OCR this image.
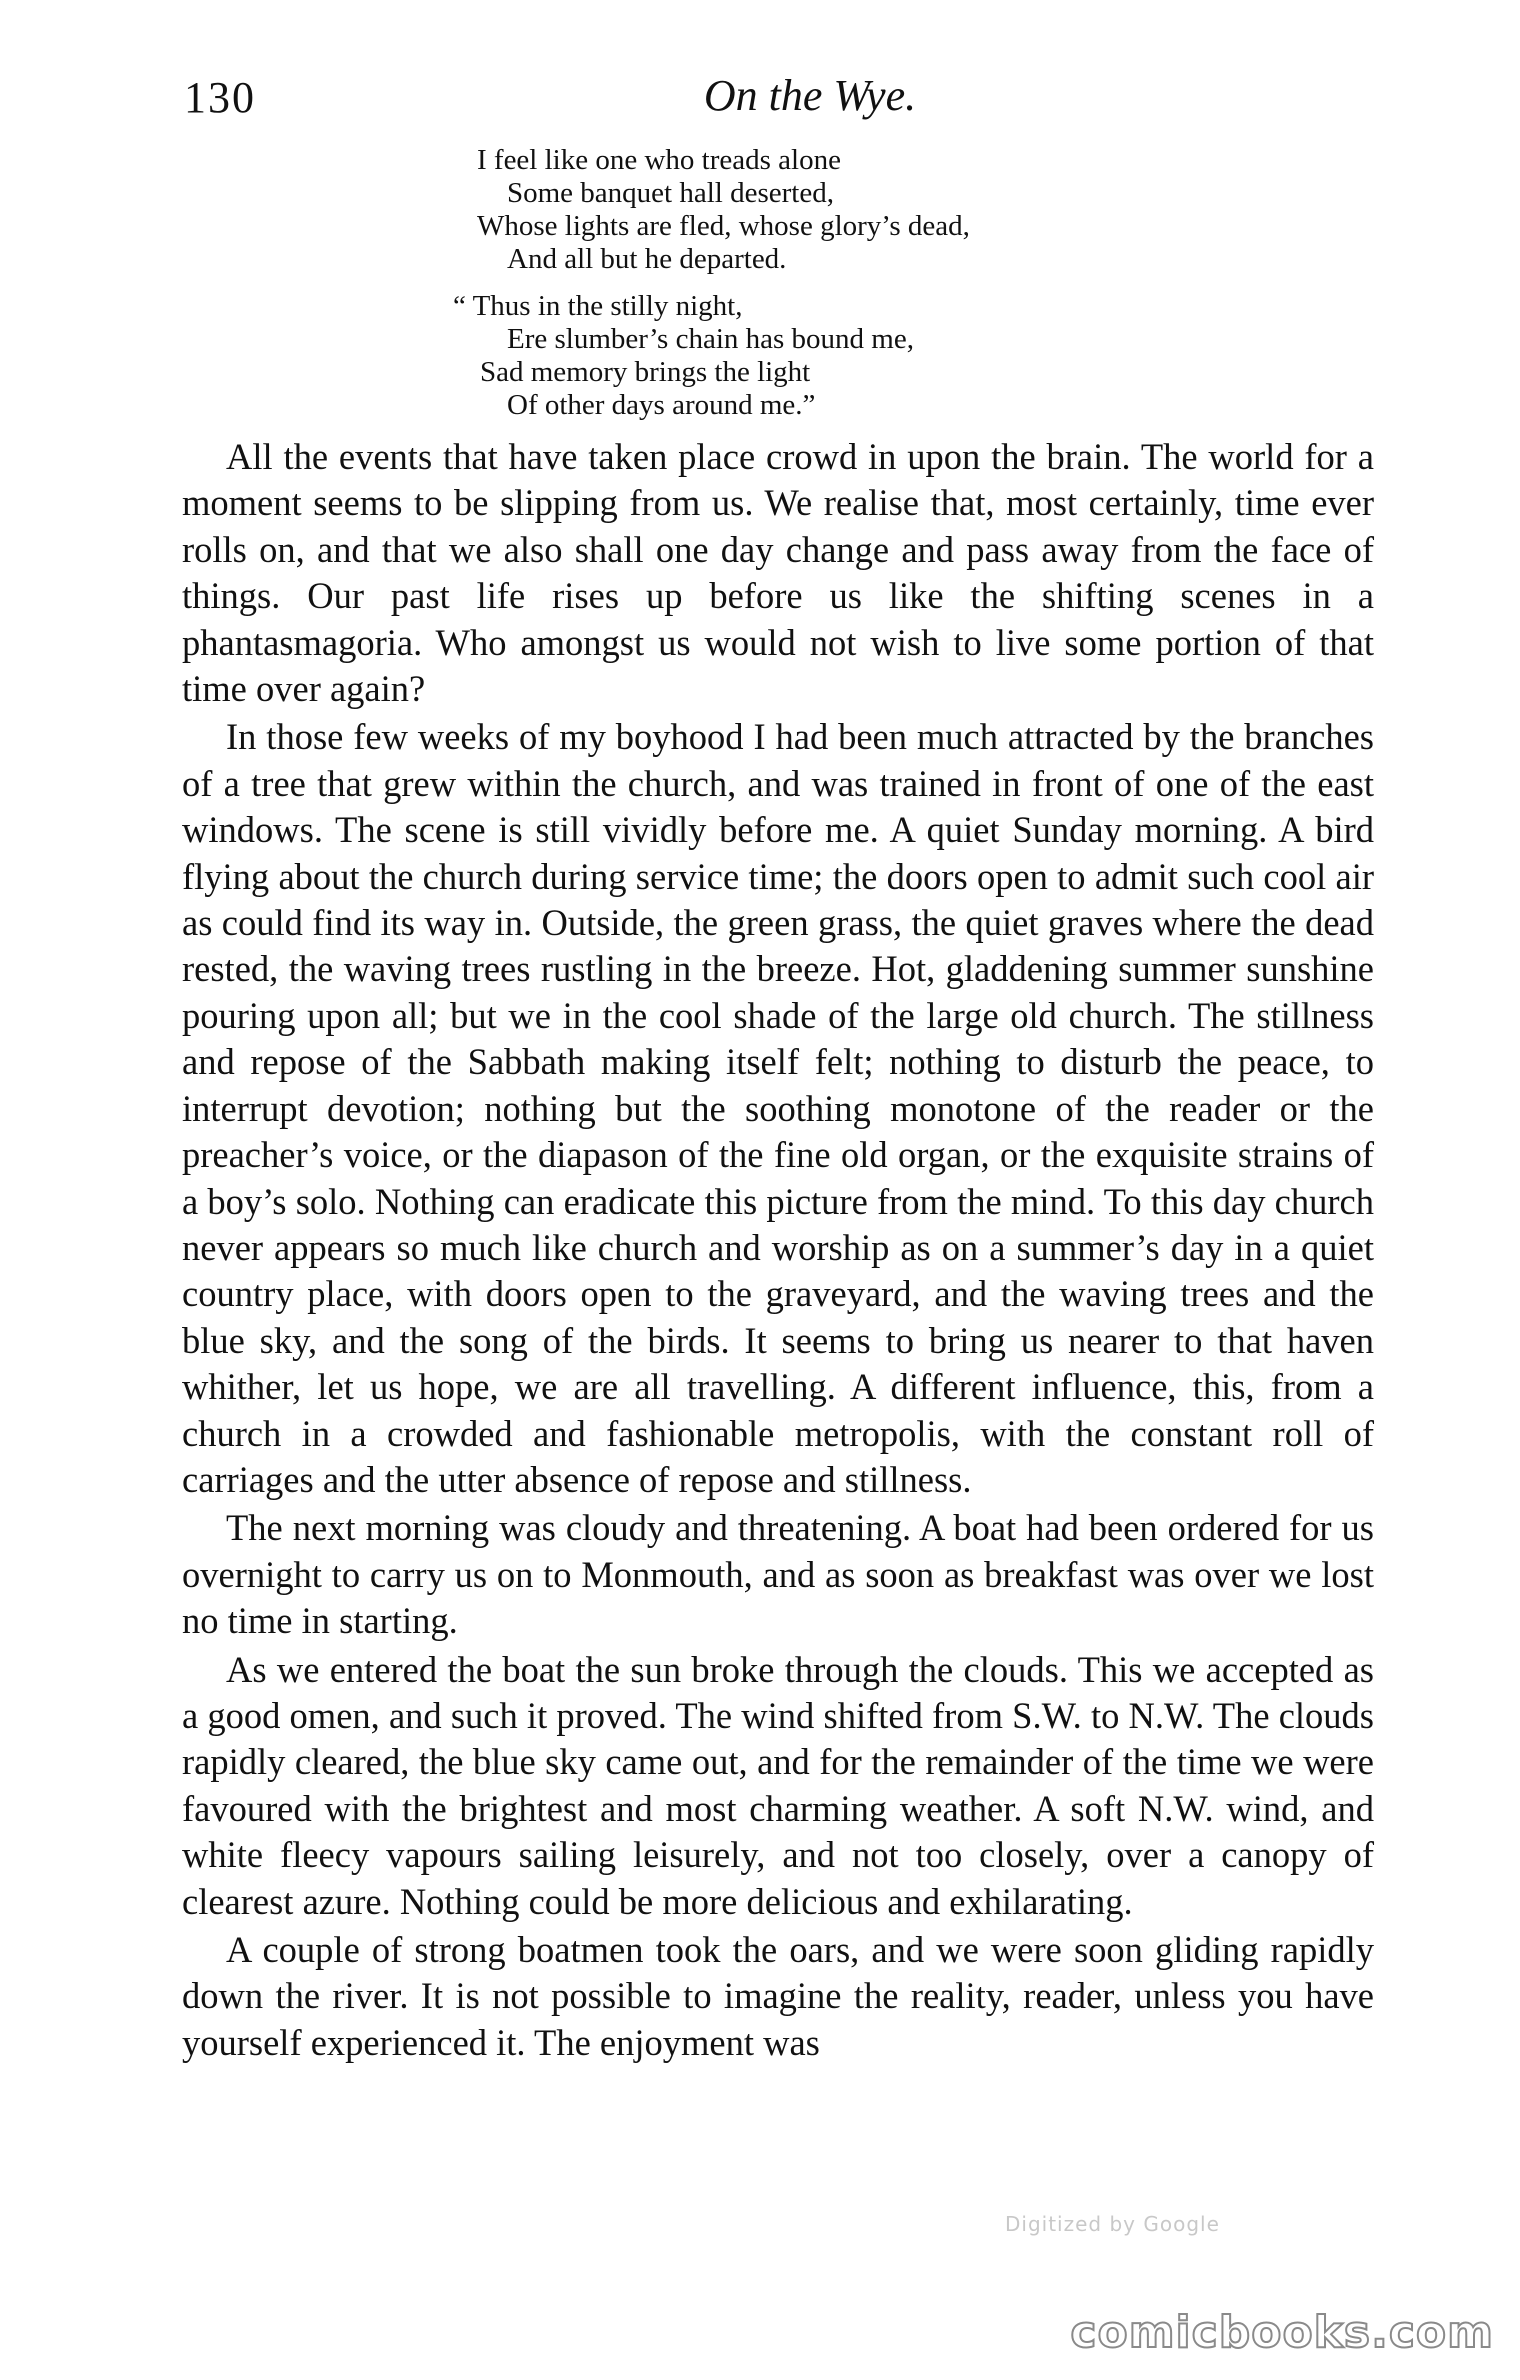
130	On the Wye.
I feel like one who treads alone
Some banquet hall deserted,
Whose lights are fled, whose glory’s dead,
And all but he departed.
“ Thus in the stilly night,
Ere slumber’s chain has bound me,
Sad memory brings the light
Of other days around me.”

All the events that have taken place crowd in upon the brain. The world for a moment seems to be slipping from us. We realise that, most certainly, time ever rolls on, and that we also shall one day change and pass away from the face of things. Our past life rises up before us like the shifting scenes in a phantasmagoria. Who amongst us would not wish to live some portion of that time over again?

In those few weeks of my boyhood I had been much attracted by the branches of a tree that grew within the church, and was trained in front of one of the east windows. The scene is still vividly before me. A quiet Sunday morning. A bird flying about the church during service time; the doors open to admit such cool air as could find its way in. Outside, the green grass, the quiet graves where the dead rested, the waving trees rustling in the breeze. Hot, gladdening summer sunshine pouring upon all; but we in the cool shade of the large old church. The stillness and repose of the Sabbath making itself felt; nothing to disturb the peace, to interrupt devotion; nothing but the soothing monotone of the reader or the preacher’s voice, or the diapason of the fine old organ, or the exquisite strains of a boy’s solo. Nothing can eradicate this picture from the mind. To this day church never appears so much like church and worship as on a summer’s day in a quiet country place, with doors open to the graveyard, and the waving trees and the blue sky, and the song of the birds. It seems to bring us nearer to that haven whither, let us hope, we are all travelling. A different influence, this, from a church in a crowded and fashionable metropolis, with the constant roll of carriages and the utter absence of repose and stillness.

The next morning was cloudy and threatening. A boat had been ordered for us overnight to carry us on to Monmouth, and as soon as breakfast was over we lost no time in starting.

As we entered the boat the sun broke through the clouds. This we accepted as a good omen, and such it proved. The wind shifted from S.W. to N.W. The clouds rapidly cleared, the blue sky came out, and for the remainder of the time we were favoured with the brightest and most charming weather. A soft N.W. wind, and white fleecy vapours sailing leisurely, and not too closely, over a canopy of clearest azure. Nothing could be more delicious and exhilarating.

A couple of strong boatmen took the oars, and we were soon gliding rapidly down the river. It is not possible to imagine the reality, reader, unless you have yourself experienced it. The enjoyment was

Digitized by Google
comicbooks.com
